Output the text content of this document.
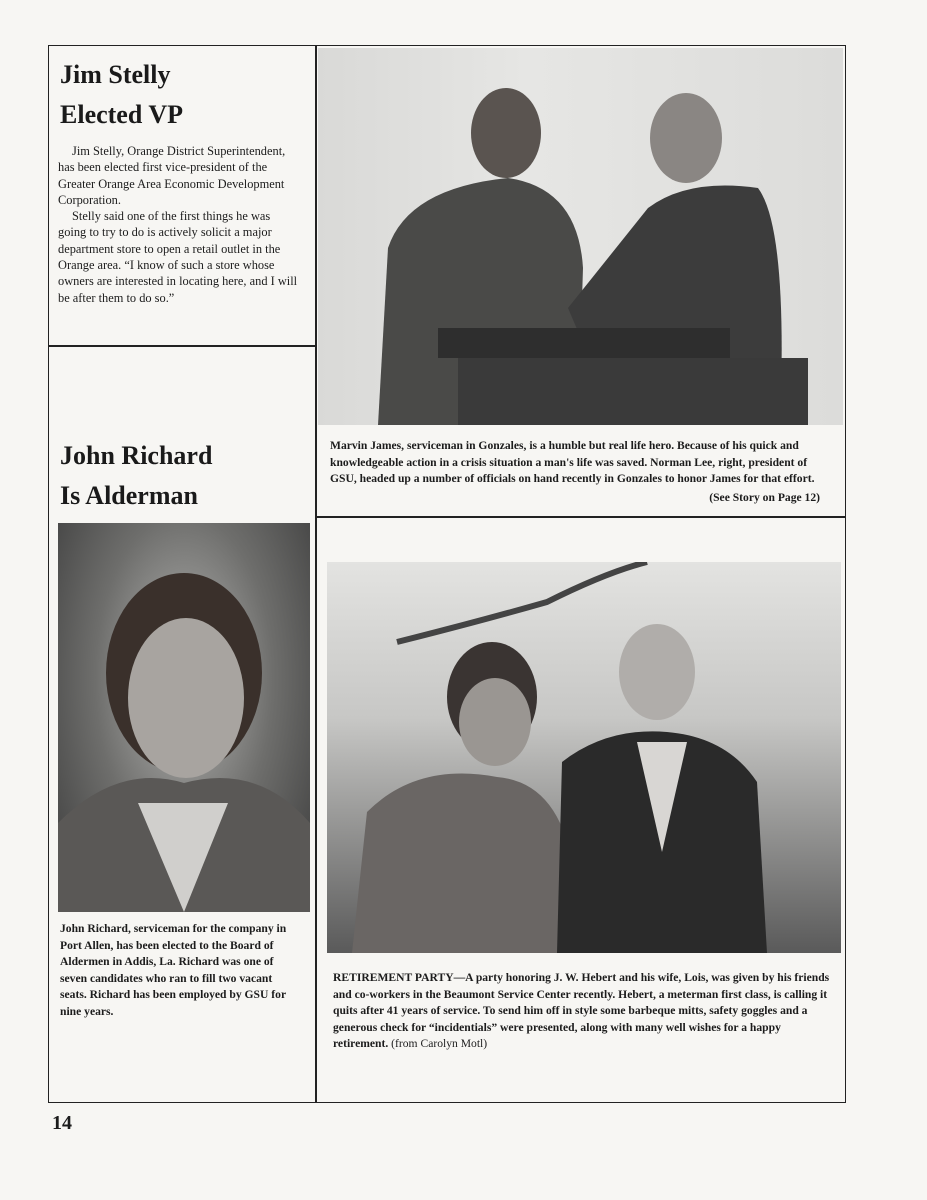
Jim Stelly
Elected VP

Jim Stelly, Orange District Superintendent, has been elected first vice-president of the Greater Orange Area Economic Development Corporation.

Stelly said one of the first things he was going to try to do is actively solicit a major department store to open a retail outlet in the Orange area. “I know of such a store whose owners are interested in locating here, and I will be after them to do so.”

Marvin James, serviceman in Gonzales, is a humble but real life hero. Because of his quick and knowledgeable action in a crisis situation a man's life was saved. Norman Lee, right, president of GSU, headed up a number of officials on hand recently in Gonzales to honor James for that effort.
(See Story on Page 12)
John Richard
Is Alderman
John Richard, serviceman for the company in Port Allen, has been elected to the Board of Aldermen in Addis, La. Richard was one of seven candidates who ran to fill two vacant seats. Richard has been employed by GSU for nine years.
RETIREMENT PARTY—A party honoring J. W. Hebert and his wife, Lois, was given by his friends and co-workers in the Beaumont Service Center recently. Hebert, a meterman first class, is calling it quits after 41 years of service. To send him off in style some barbeque mitts, safety goggles and a generous check for “incidentials” were presented, along with many well wishes for a happy retirement. (from Carolyn Motl)
14
